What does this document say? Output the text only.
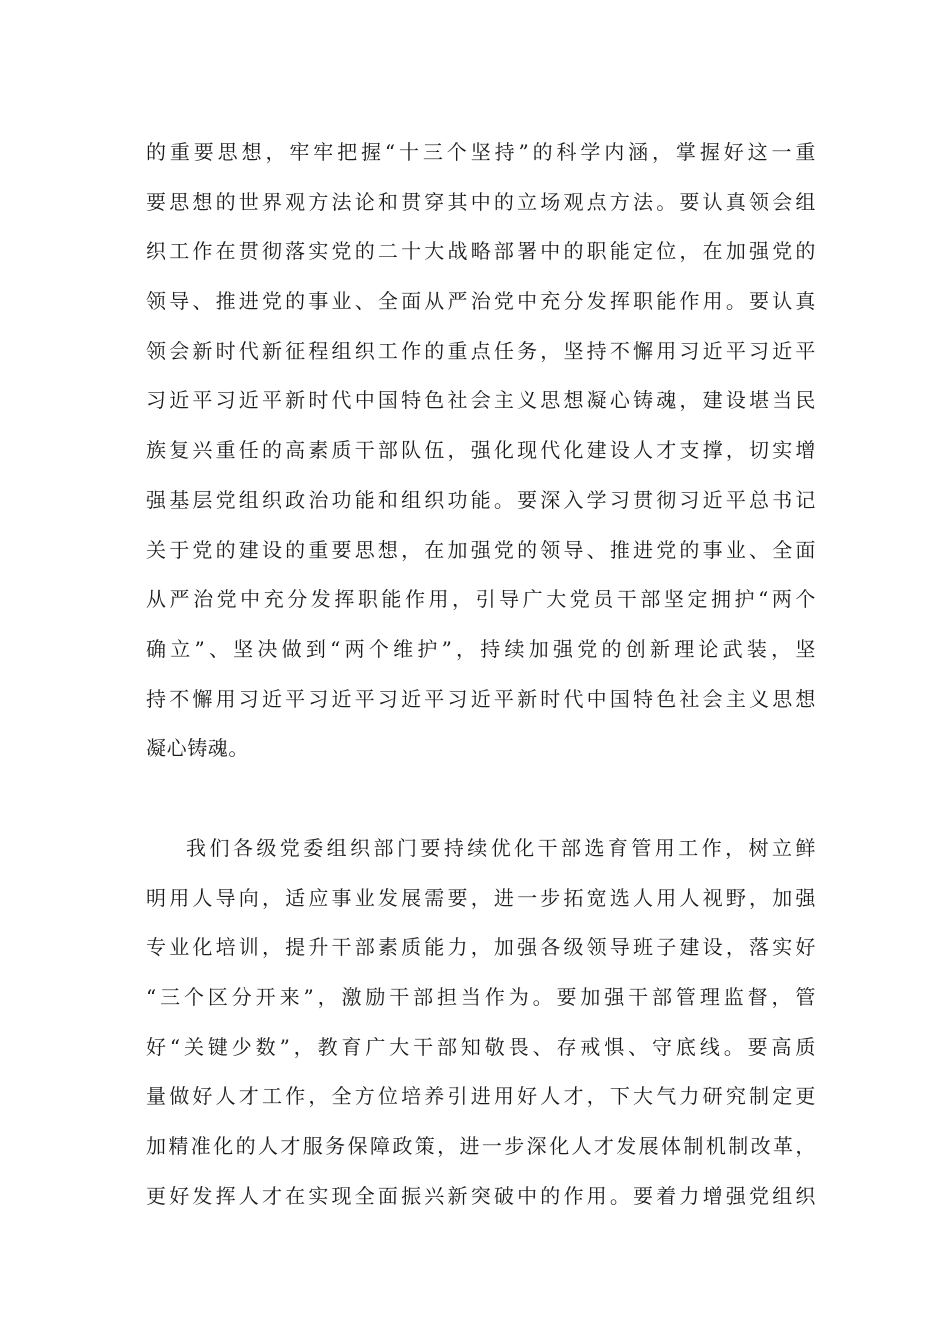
的重要思想，牢牢把握“十三个坚持”的科学内涵，掌握好这一重
要思想的世界观方法论和贯穿其中的立场观点方法。要认真领会组
织工作在贯彻落实党的二十大战略部署中的职能定位，在加强党的
领导、推进党的事业、全面从严治党中充分发挥职能作用。要认真
领会新时代新征程组织工作的重点任务，坚持不懈用习近平习近平
习近平习近平新时代中国特色社会主义思想凝心铸魂，建设堪当民
族复兴重任的高素质干部队伍，强化现代化建设人才支撑，切实增
强基层党组织政治功能和组织功能。要深入学习贯彻习近平总书记
关于党的建设的重要思想，在加强党的领导、推进党的事业、全面
从严治党中充分发挥职能作用，引导广大党员干部坚定拥护“两个
确立”、坚决做到“两个维护”，持续加强党的创新理论武装，坚
持不懈用习近平习近平习近平习近平新时代中国特色社会主义思想
凝心铸魂。

我们各级党委组织部门要持续优化干部选育管用工作，树立鲜
明用人导向，适应事业发展需要，进一步拓宽选人用人视野，加强
专业化培训，提升干部素质能力，加强各级领导班子建设，落实好
“三个区分开来”，激励干部担当作为。要加强干部管理监督，管
好“关键少数”，教育广大干部知敬畏、存戒惧、守底线。要高质
量做好人才工作，全方位培养引进用好人才，下大气力研究制定更
加精准化的人才服务保障政策，进一步深化人才发展体制机制改革，
更好发挥人才在实现全面振兴新突破中的作用。要着力增强党组织
